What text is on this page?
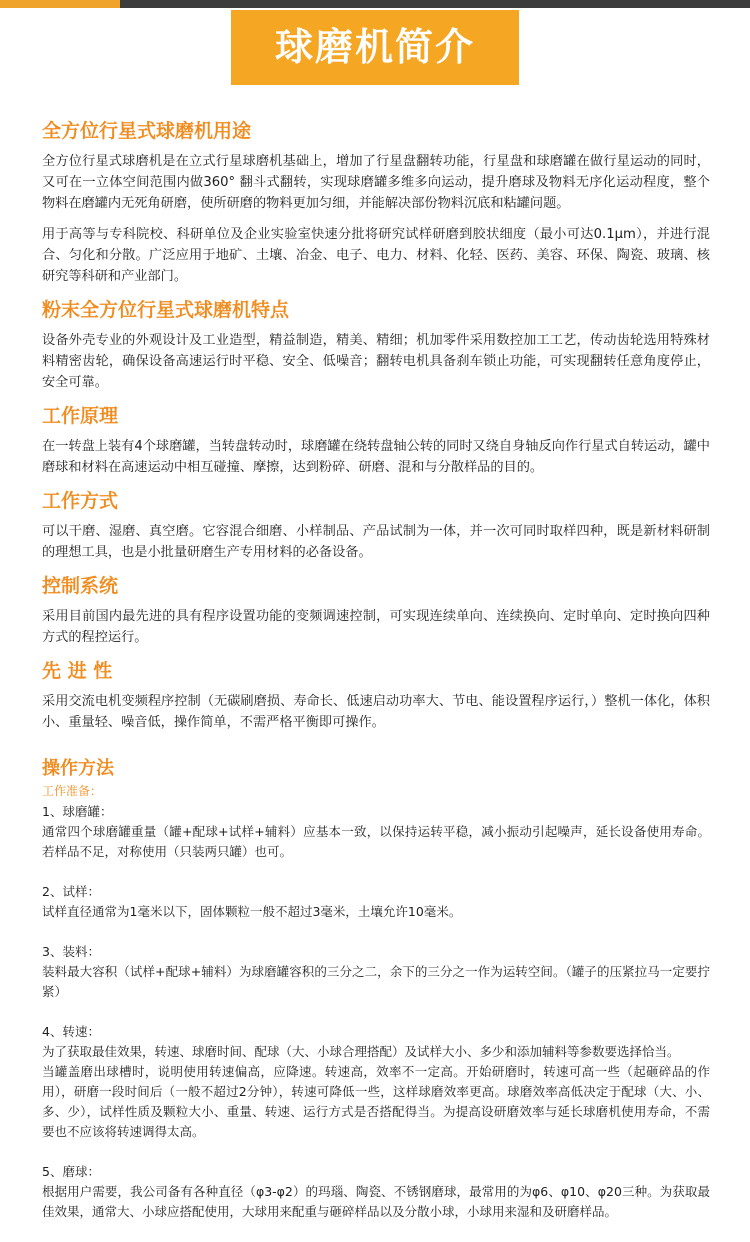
球磨机简介
全方位行星式球磨机用途

全方位行星式球磨机是在立式行星球磨机基础上，增加了行星盘翻转功能，行星盘和球磨罐在做行星运动的同时，又可在一立体空间范围内做360° 翻斗式翻转，实现球磨罐多维多向运动，提升磨球及物料无序化运动程度，整个物料在磨罐内无死角研磨，使所研磨的物料更加匀细，并能解决部份物料沉底和粘罐问题。

用于高等与专科院校、科研单位及企业实验室快速分批将研究试样研磨到胶状细度（最小可达0.1μm），并进行混合、匀化和分散。广泛应用于地矿、土壤、冶金、电子、电力、材料、化轻、医药、美容、环保、陶瓷、玻璃、核研究等科研和产业部门。

粉末全方位行星式球磨机特点

设备外壳专业的外观设计及工业造型，精益制造，精美、精细；机加零件采用数控加工工艺，传动齿轮选用特殊材料精密齿轮，确保设备高速运行时平稳、安全、低噪音；翻转电机具备刹车锁止功能，可实现翻转任意角度停止，安全可靠。

工作原理

在一转盘上装有4个球磨罐，当转盘转动时，球磨罐在绕转盘轴公转的同时又绕自身轴反向作行星式自转运动，罐中磨球和材料在高速运动中相互碰撞、摩擦，达到粉碎、研磨、混和与分散样品的目的。

工作方式

可以干磨、湿磨、真空磨。它容混合细磨、小样制品、产品试制为一体，并一次可同时取样四种，既是新材料研制的理想工具，也是小批量研磨生产专用材料的必备设备。

控制系统

采用目前国内最先进的具有程序设置功能的变频调速控制，可实现连续单向、连续换向、定时单向、定时换向四种方式的程控运行。

先 进 性

采用交流电机变频程序控制（无碳刷磨损、寿命长、低速启动功率大、节电、能设置程序运行，）整机一体化，体积小、重量轻、噪音低，操作简单，不需严格平衡即可操作。

操作方法
工作准备：
1、球磨罐：
通常四个球磨罐重量（罐+配球+试样+辅料）应基本一致，以保持运转平稳，减小振动引起噪声，延长设备使用寿命。若样品不足，对称使用（只装两只罐）也可。
2、试样：
试样直径通常为1毫米以下，固体颗粒一般不超过3毫米，土壤允许10毫米。
3、装料：
装料最大容积（试样+配球+辅料）为球磨罐容积的三分之二，余下的三分之一作为运转空间。（罐子的压紧拉马一定要拧紧）
4、转速：
为了获取最佳效果，转速、球磨时间、配球（大、小球合理搭配）及试样大小、多少和添加辅料等参数要选择恰当。
当罐盖磨出球槽时，说明使用转速偏高，应降速。转速高，效率不一定高。开始研磨时，转速可高一些（起砸碎品的作用），研磨一段时间后（一般不超过2分钟），转速可降低一些，这样球磨效率更高。球磨效率高低决定于配球（大、小、多、少），试样性质及颗粒大小、重量、转速、运行方式是否搭配得当。为提高设研磨效率与延长球磨机使用寿命，不需要也不应该将转速调得太高。
5、磨球：
根据用户需要，我公司备有各种直径（φ3-φ2）的玛瑙、陶瓷、不锈钢磨球，最常用的为φ6、φ10、φ20三种。为获取最佳效果，通常大、小球应搭配使用，大球用来配重与砸碎样品以及分散小球，小球用来湿和及研磨样品。
